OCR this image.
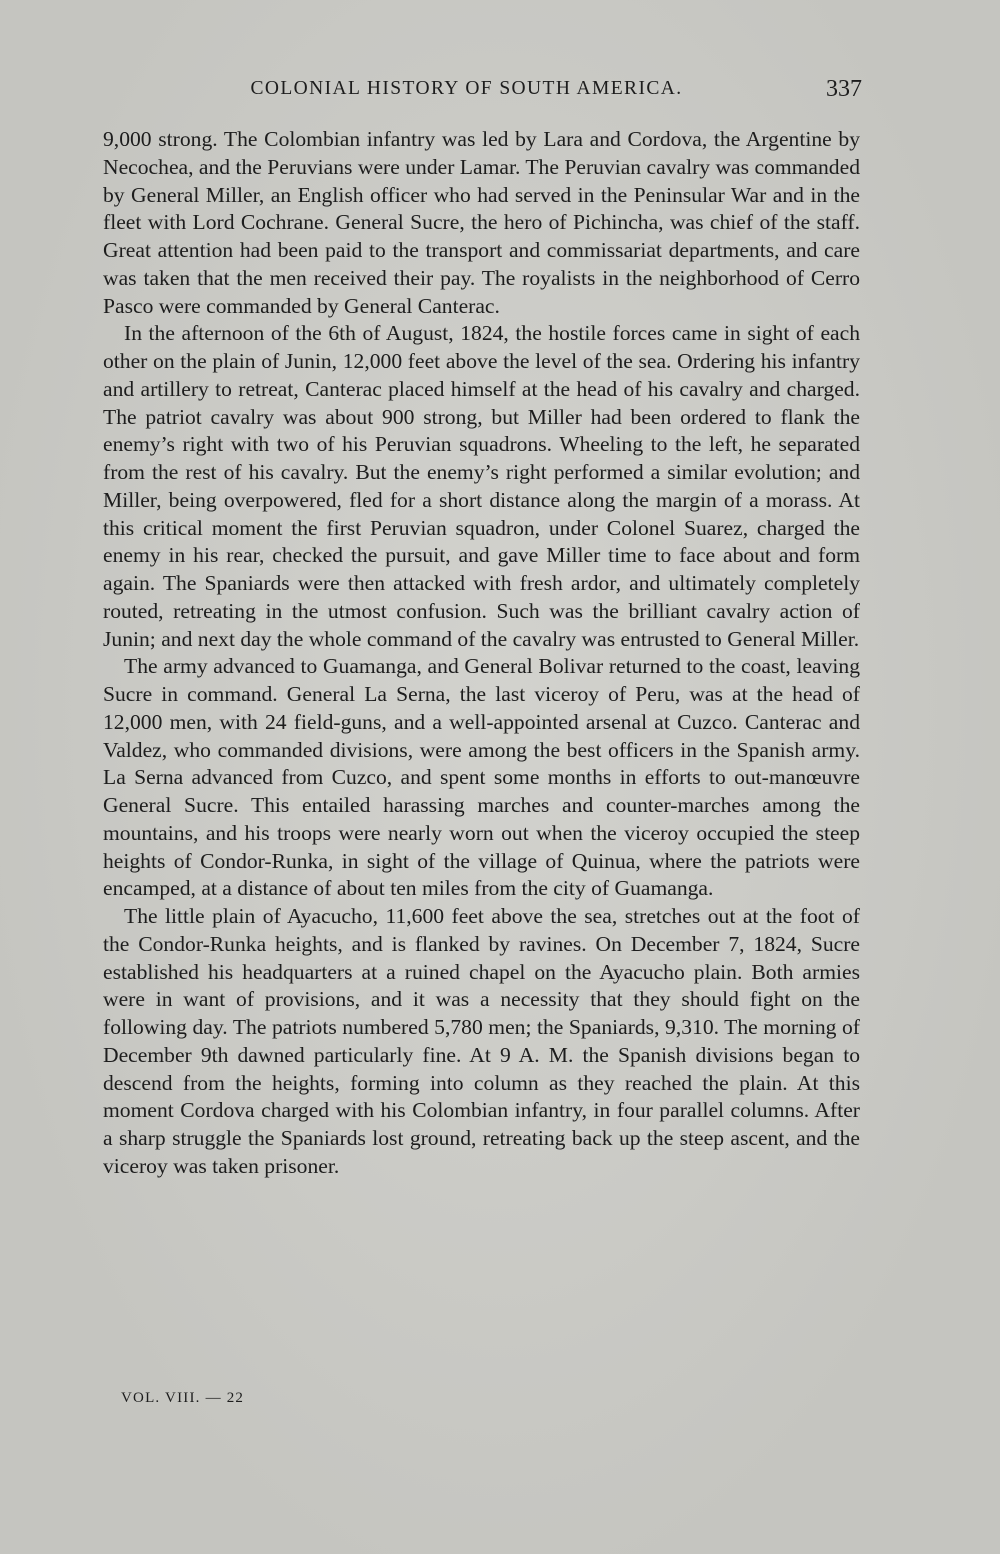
COLONIAL HISTORY OF SOUTH AMERICA.	337

9,000 strong. The Colombian infantry was led by Lara and Cordova, the Argentine by Necochea, and the Peruvians were under Lamar. The Peruvian cavalry was commanded by General Miller, an English officer who had served in the Peninsular War and in the fleet with Lord Cochrane. General Sucre, the hero of Pichincha, was chief of the staff. Great attention had been paid to the transport and commissariat departments, and care was taken that the men received their pay. The royalists in the neighborhood of Cerro Pasco were commanded by General Canterac.

In the afternoon of the 6th of August, 1824, the hostile forces came in sight of each other on the plain of Junin, 12,000 feet above the level of the sea. Ordering his infantry and artillery to retreat, Canterac placed himself at the head of his cavalry and charged. The patriot cavalry was about 900 strong, but Miller had been ordered to flank the enemy’s right with two of his Peruvian squadrons. Wheeling to the left, he separated from the rest of his cavalry. But the enemy’s right performed a similar evolution; and Miller, being overpowered, fled for a short distance along the margin of a morass. At this critical moment the first Peruvian squadron, under Colonel Suarez, charged the enemy in his rear, checked the pursuit, and gave Miller time to face about and form again. The Spaniards were then attacked with fresh ardor, and ultimately completely routed, retreating in the utmost confusion. Such was the brilliant cavalry action of Junin; and next day the whole command of the cavalry was entrusted to General Miller.

The army advanced to Guamanga, and General Bolivar returned to the coast, leaving Sucre in command. General La Serna, the last viceroy of Peru, was at the head of 12,000 men, with 24 field-guns, and a well-appointed arsenal at Cuzco. Canterac and Valdez, who commanded divisions, were among the best officers in the Spanish army. La Serna advanced from Cuzco, and spent some months in efforts to out-manœuvre General Sucre. This entailed harassing marches and counter-marches among the mountains, and his troops were nearly worn out when the viceroy occupied the steep heights of Condor-Runka, in sight of the village of Quinua, where the patriots were encamped, at a distance of about ten miles from the city of Guamanga.

The little plain of Ayacucho, 11,600 feet above the sea, stretches out at the foot of the Condor-Runka heights, and is flanked by ravines. On December 7, 1824, Sucre established his headquarters at a ruined chapel on the Ayacucho plain. Both armies were in want of provisions, and it was a necessity that they should fight on the following day. The patriots numbered 5,780 men; the Spaniards, 9,310. The morning of December 9th dawned particularly fine. At 9 A. M. the Spanish divisions began to descend from the heights, forming into column as they reached the plain. At this moment Cordova charged with his Colombian infantry, in four parallel columns. After a sharp struggle the Spaniards lost ground, retreating back up the steep ascent, and the viceroy was taken prisoner.

VOL. VIII. — 22
